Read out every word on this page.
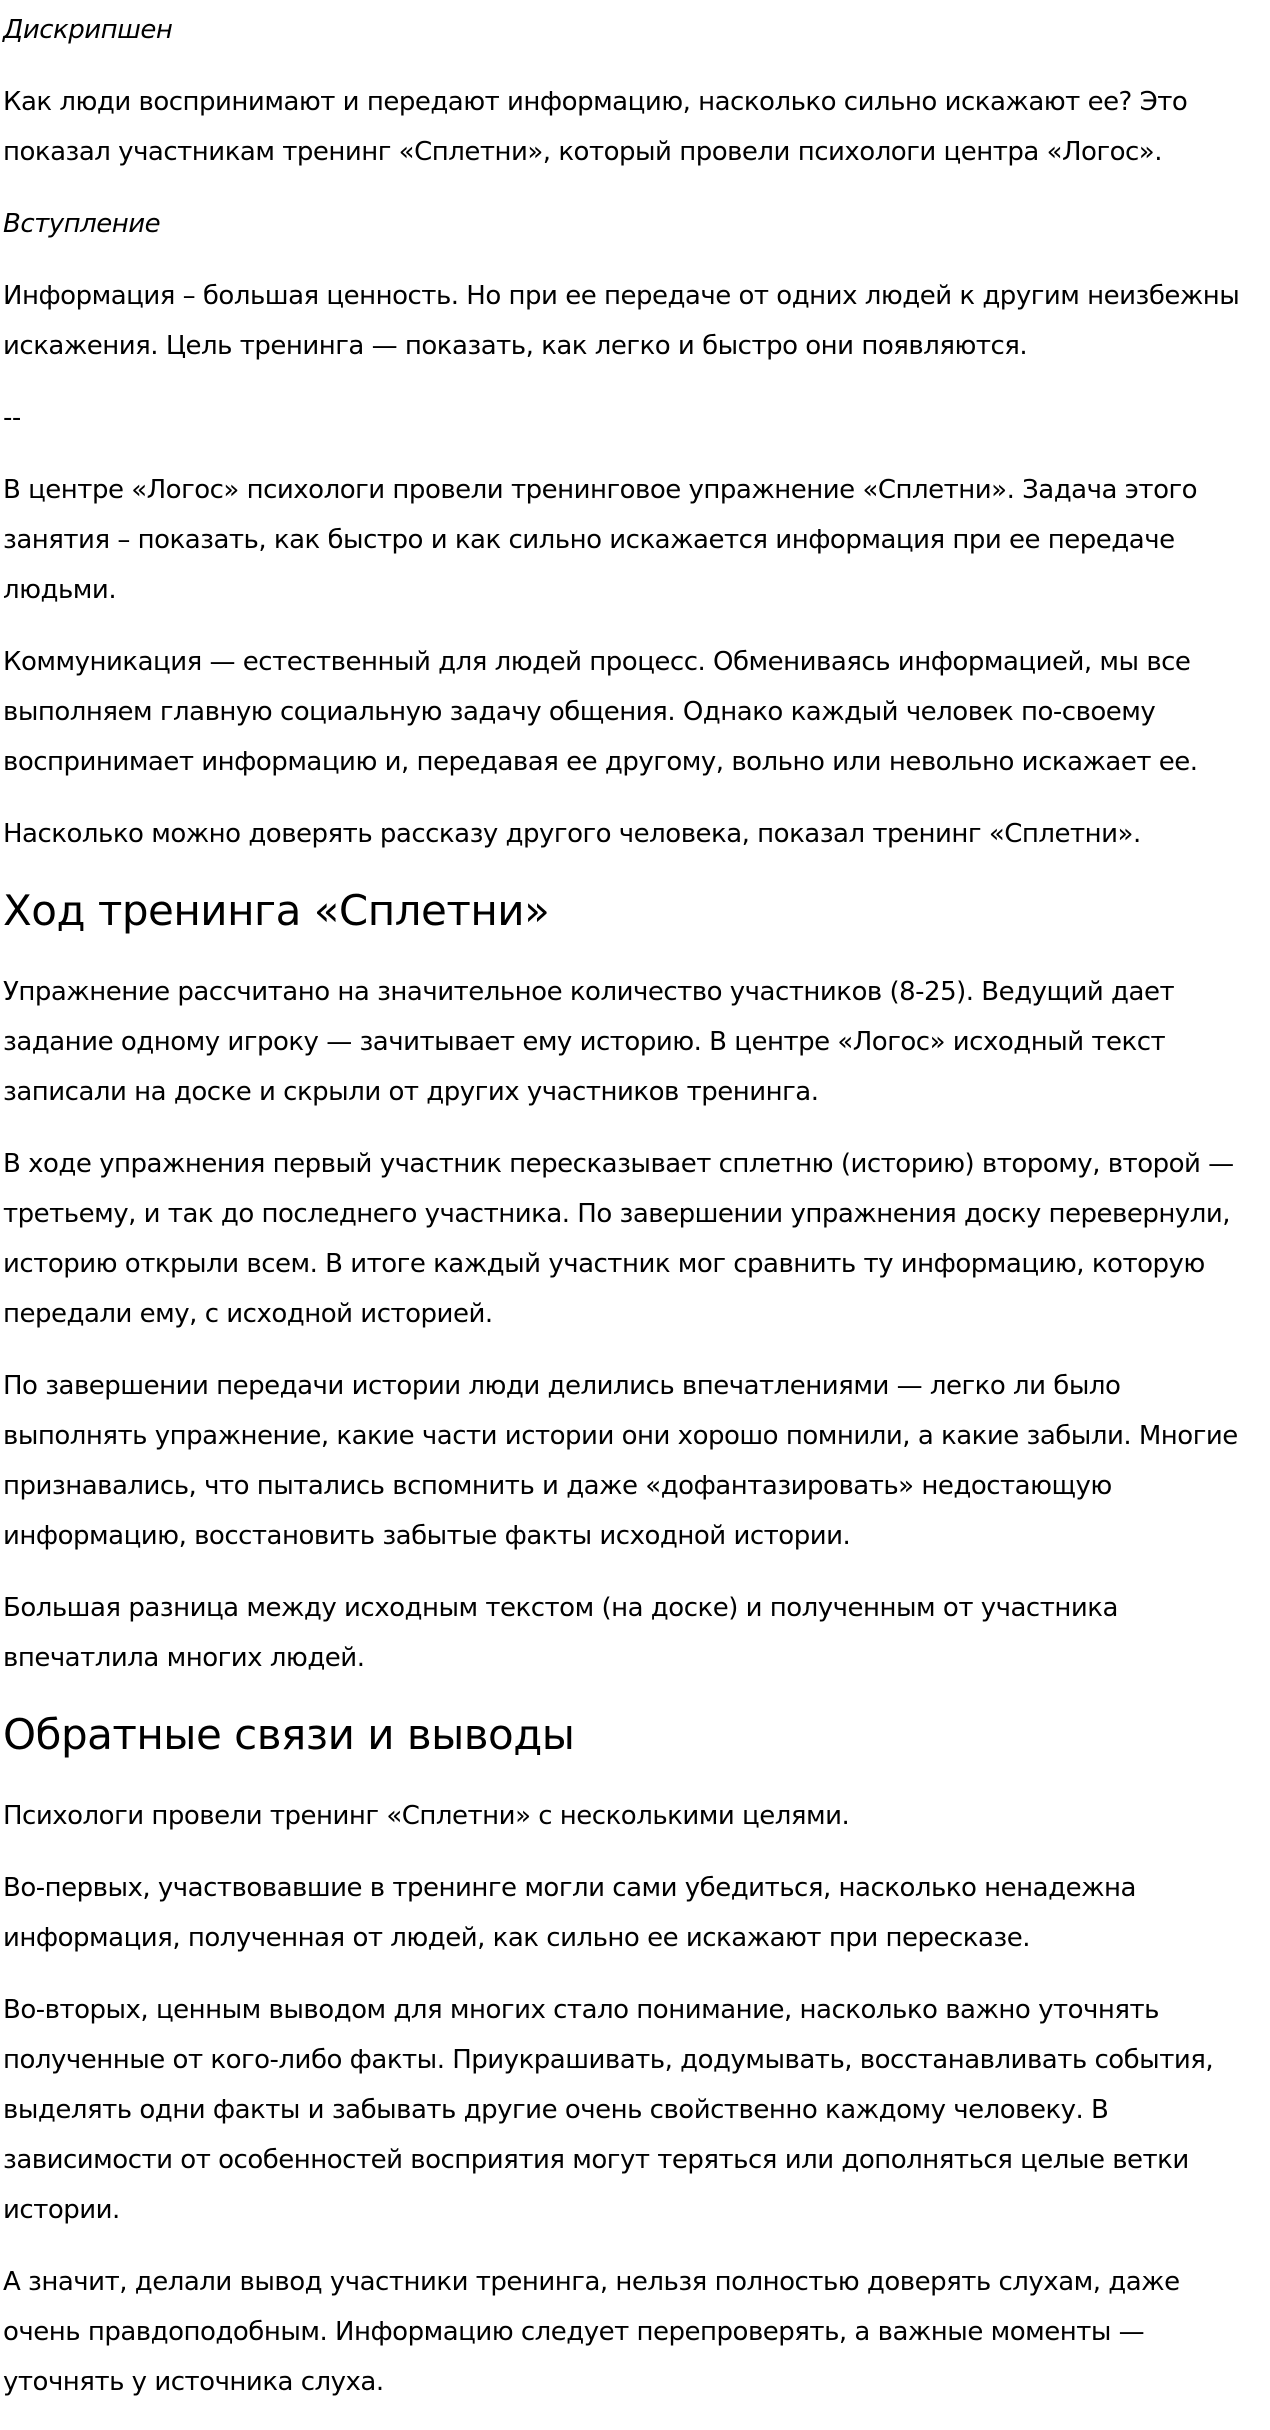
Дискрипшен

Как люди воспринимают и передают информацию, насколько сильно искажают ее? Это показал участникам тренинг «Сплетни», который провели психологи центра «Логос».

Вступление

Информация – большая ценность. Но при ее передаче от одних людей к другим неизбежны искажения. Цель тренинга — показать, как легко и быстро они появляются.

--

В центре «Логос» психологи провели тренинговое упражнение «Сплетни». Задача этого занятия – показать, как быстро и как сильно искажается информация при ее передаче людьми.

Коммуникация — естественный для людей процесс. Обмениваясь информацией, мы все выполняем главную социальную задачу общения. Однако каждый человек по-своему воспринимает информацию и, передавая ее другому, вольно или невольно искажает ее.

Насколько можно доверять рассказу другого человека, показал тренинг «Сплетни».

Ход тренинга «Сплетни»

Упражнение рассчитано на значительное количество участников (8-25). Ведущий дает задание одному игроку — зачитывает ему историю. В центре «Логос» исходный текст записали на доске и скрыли от других участников тренинга.

В ходе упражнения первый участник пересказывает сплетню (историю) второму, второй — третьему, и так до последнего участника. По завершении упражнения доску перевернули, историю открыли всем. В итоге каждый участник мог сравнить ту информацию, которую передали ему, с исходной историей.

По завершении передачи истории люди делились впечатлениями — легко ли было выполнять упражнение, какие части истории они хорошо помнили, а какие забыли. Многие признавались, что пытались вспомнить и даже «дофантазировать» недостающую информацию, восстановить забытые факты исходной истории.

Большая разница между исходным текстом (на доске) и полученным от участника впечатлила многих людей.

Обратные связи и выводы

Психологи провели тренинг «Сплетни» с несколькими целями.

Во-первых, участвовавшие в тренинге могли сами убедиться, насколько ненадежна информация, полученная от людей, как сильно ее искажают при пересказе.

Во-вторых, ценным выводом для многих стало понимание, насколько важно уточнять полученные от кого-либо факты. Приукрашивать, додумывать, восстанавливать события, выделять одни факты и забывать другие очень свойственно каждому человеку. В зависимости от особенностей восприятия могут теряться или дополняться целые ветки истории.

А значит, делали вывод участники тренинга, нельзя полностью доверять слухам, даже очень правдоподобным. Информацию следует перепроверять, а важные моменты — уточнять у источника слуха.
